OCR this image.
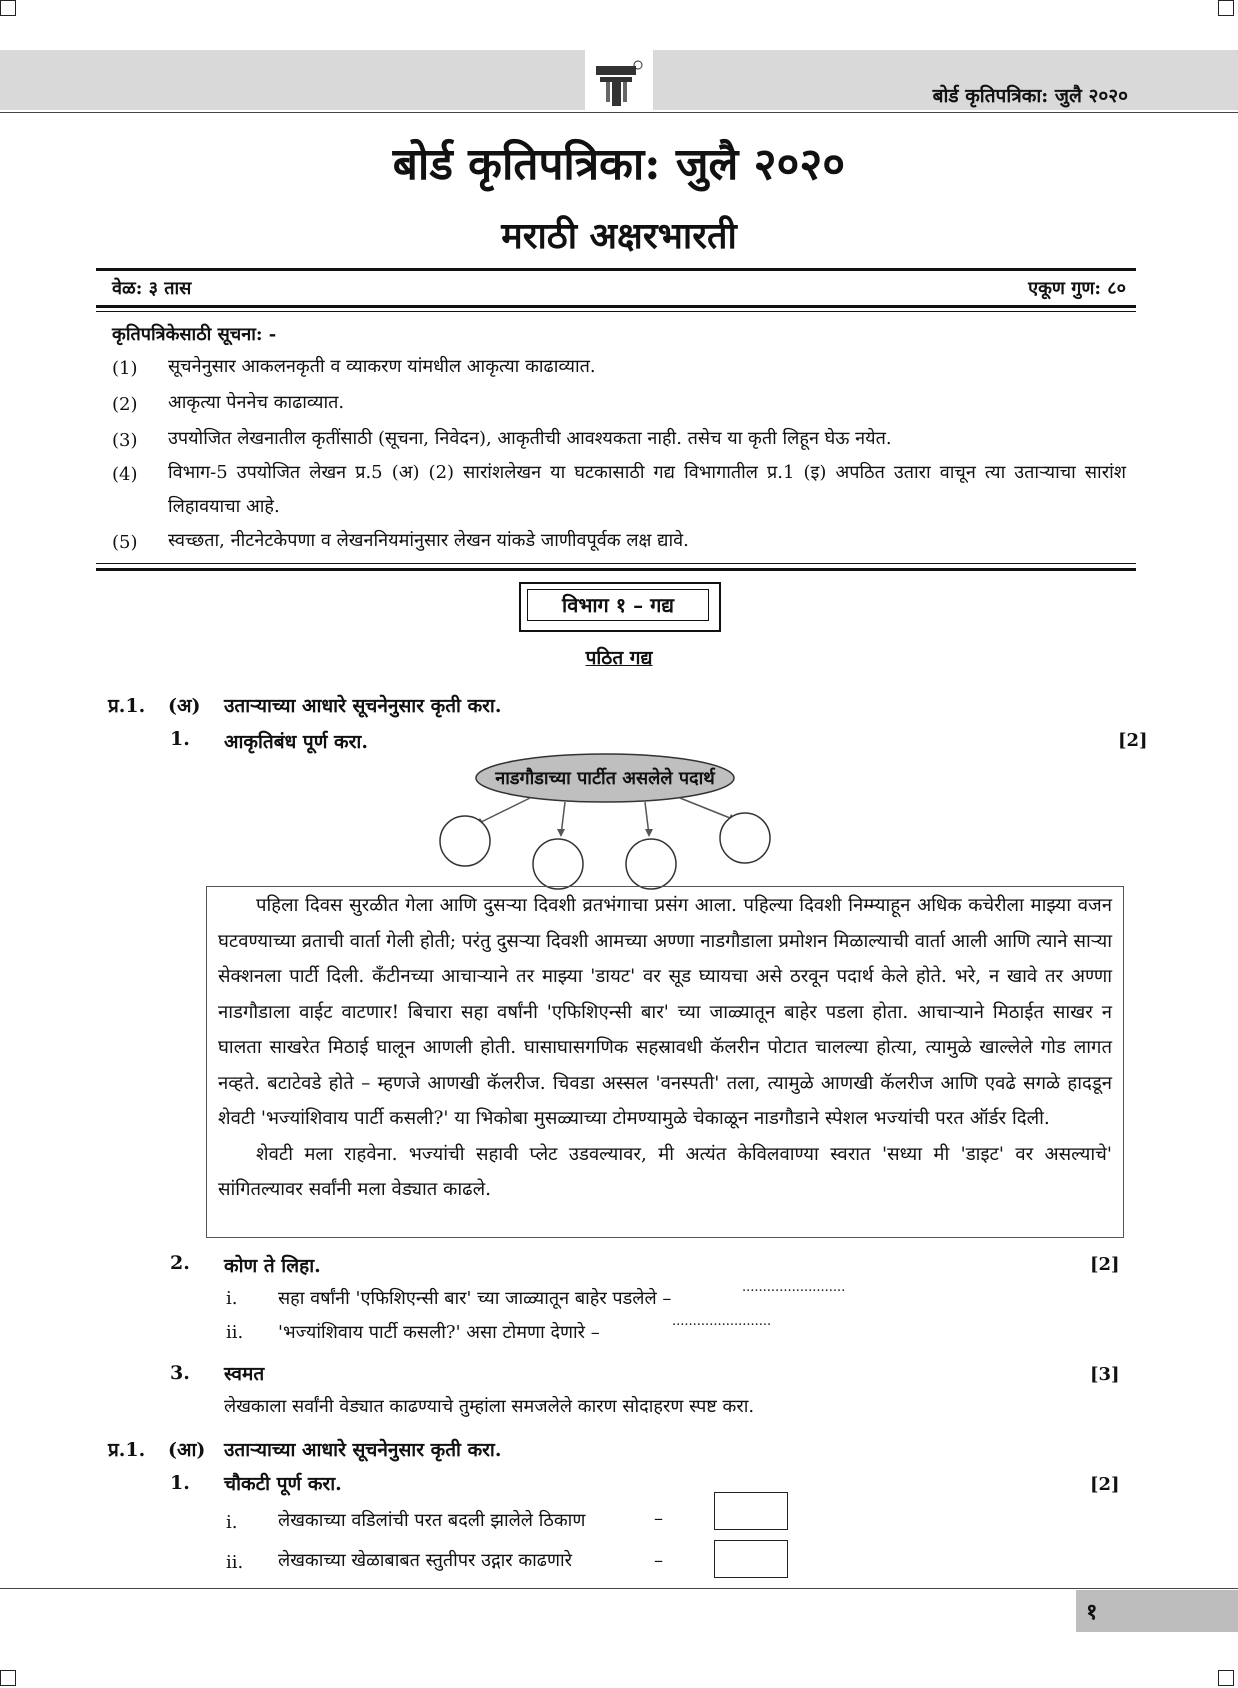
बोर्ड कृतिपत्रिका: जुलै २०२०
बोर्ड कृतिपत्रिका: जुलै २०२०
मराठी अक्षरभारती
वेळ: ३ तास	एकूण गुण: ८०
कृतिपत्रिकेसाठी सूचना: -
(1) सूचनेनुसार आकलनकृती व व्याकरण यांमधील आकृत्या काढाव्यात.
(2) आकृत्या पेननेच काढाव्यात.
(3) उपयोजित लेखनातील कृतींसाठी (सूचना, निवेदन), आकृतीची आवश्यकता नाही. तसेच या कृती लिहून घेऊ नयेत.
(4) विभाग-5 उपयोजित लेखन प्र.5 (अ) (2) सारांशलेखन या घटकासाठी गद्य विभागातील प्र.1 (इ) अपठित उतारा वाचून त्या उताऱ्याचा सारांश लिहावयाचा आहे.
(5) स्वच्छता, नीटनेटकेपणा व लेखननियमांनुसार लेखन यांकडे जाणीवपूर्वक लक्ष द्यावे.
विभाग १ – गद्य
पठित गद्य
प्र.1. (अ) उताऱ्याच्या आधारे सूचनेनुसार कृती करा.
1. आकृतिबंध पूर्ण करा.	[2]
नाडगौडाच्या पार्टीत असलेले पदार्थ
पहिला दिवस सुरळीत गेला आणि दुसऱ्या दिवशी व्रतभंगाचा प्रसंग आला. पहिल्या दिवशी निम्म्याहून अधिक कचेरीला माझ्या वजन घटवण्याच्या व्रताची वार्ता गेली होती; परंतु दुसऱ्या दिवशी आमच्या अण्णा नाडगौडाला प्रमोशन मिळाल्याची वार्ता आली आणि त्याने साऱ्या सेक्शनला पार्टी दिली. कँटीनच्या आचाऱ्याने तर माझ्या 'डायट' वर सूड घ्यायचा असे ठरवून पदार्थ केले होते. भरे, न खावे तर अण्णा नाडगौडाला वाईट वाटणार! बिचारा सहा वर्षांनी 'एफिशिएन्सी बार' च्या जाळ्यातून बाहेर पडला होता. आचाऱ्याने मिठाईत साखर न घालता साखरेत मिठाई घालून आणली होती. घासाघासगणिक सहस्रावधी कॅलरीन पोटात चालल्या होत्या, त्यामुळे खाल्लेले गोड लागत नव्हते. बटाटेवडे होते – म्हणजे आणखी कॅलरीज. चिवडा अस्सल 'वनस्पती' तला, त्यामुळे आणखी कॅलरीज आणि एवढे सगळे हादडून शेवटी 'भज्यांशिवाय पार्टी कसली?' या भिकोबा मुसळ्याच्या टोमण्यामुळे चेकाळून नाडगौडाने स्पेशल भज्यांची परत ऑर्डर दिली.
शेवटी मला राहवेना. भज्यांची सहावी प्लेट उडवल्यावर, मी अत्यंत केविलवाण्या स्वरात 'सध्या मी 'डाइट' वर असल्याचे' सांगितल्यावर सर्वांनी मला वेड्यात काढले.
2. कोण ते लिहा.	[2]
i. सहा वर्षांनी 'एफिशिएन्सी बार' च्या जाळ्यातून बाहेर पडलेले –
.........................
ii. 'भज्यांशिवाय पार्टी कसली?' असा टोमणा देणारे –
........................
3. स्वमत	[3]
लेखकाला सर्वांनी वेड्यात काढण्याचे तुम्हांला समजलेले कारण सोदाहरण स्पष्ट करा.
प्र.1. (आ) उताऱ्याच्या आधारे सूचनेनुसार कृती करा.
1. चौकटी पूर्ण करा.	[2]
i. लेखकाच्या वडिलांची परत बदली झालेले ठिकाण	–
ii. लेखकाच्या खेळाबाबत स्तुतीपर उद्गार काढणारे	–
१
